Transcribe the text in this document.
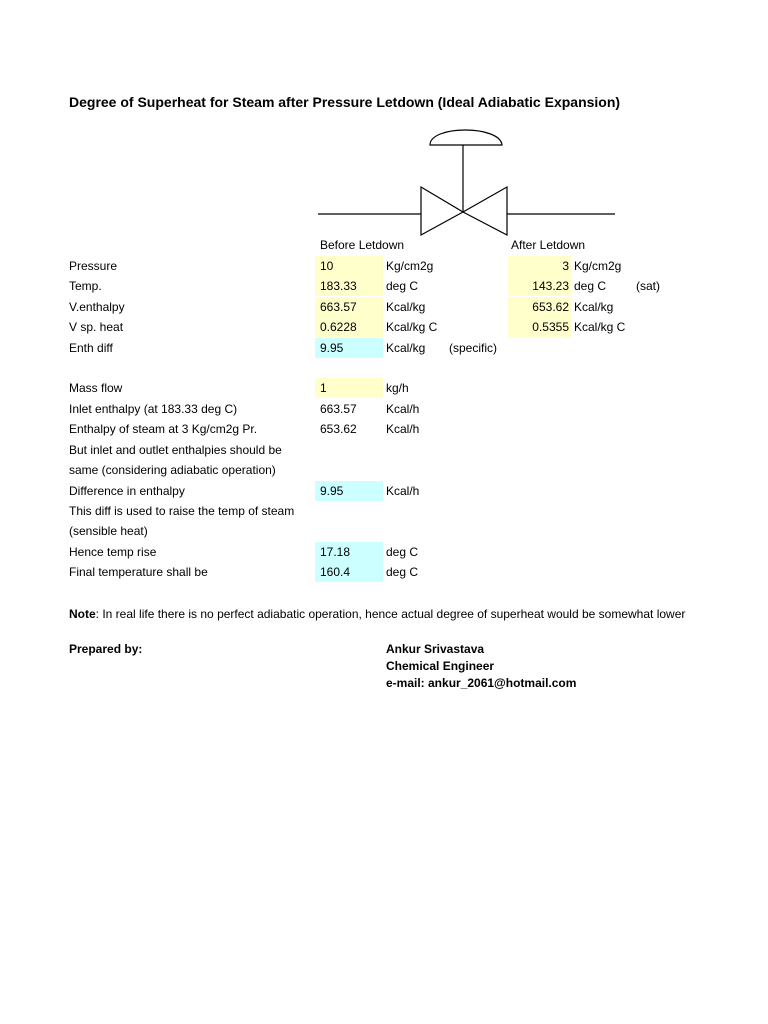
Degree of Superheat for Steam after Pressure Letdown (Ideal Adiabatic Expansion)
Before Letdown	After Letdown
Pressure	10	Kg/cm2g	3 Kg/cm2g
Temp.	183.33	deg C	143.23 deg C (sat)
V.enthalpy	663.57	Kcal/kg	653.62 Kcal/kg
V sp. heat	0.6228	Kcal/kg C	0.5355 Kcal/kg C
Enth diff	9.95	Kcal/kg (specific)
Mass flow	1	kg/h
Inlet enthalpy (at 183.33 deg C)	663.57	Kcal/h
Enthalpy of steam at 3 Kg/cm2g Pr.	653.62	Kcal/h
But inlet and outlet enthalpies should be
same (considering adiabatic operation)
Difference in enthalpy	9.95	Kcal/h
This diff is used to raise the temp of steam
(sensible heat)
Hence temp rise	17.18	deg C
Final temperature shall be	160.4	deg C
Note: In real life there is no perfect adiabatic operation, hence actual degree of superheat would be somewhat lower
Prepared by:	Ankur Srivastava
Chemical Engineer
e-mail: ankur_2061@hotmail.com
